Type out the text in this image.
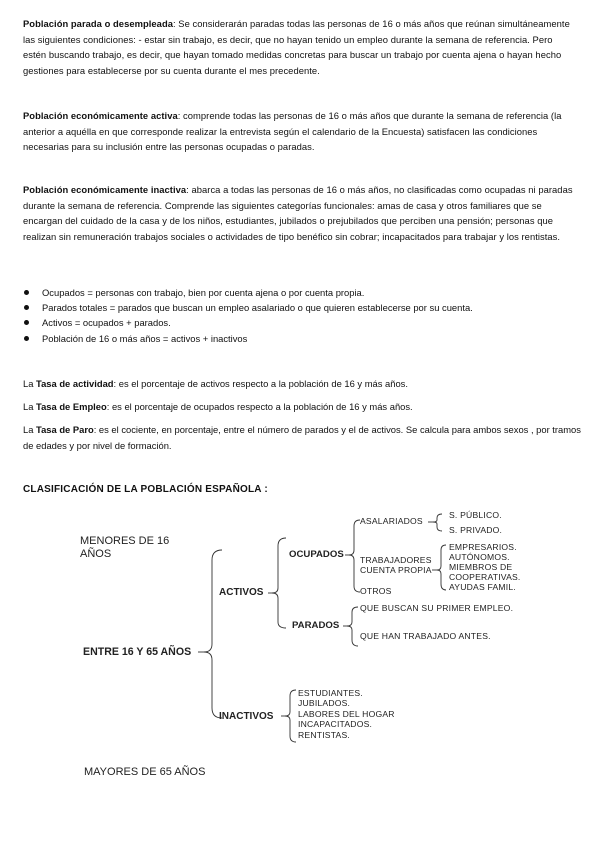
Población parada o desempleada: Se considerarán paradas todas las personas de 16 o más años que reúnan simultáneamente las siguientes condiciones: - estar sin trabajo, es decir, que no hayan tenido un empleo durante la semana de referencia. Pero estén buscando trabajo, es decir, que hayan tomado medidas concretas para buscar un trabajo por cuenta ajena o hayan hecho gestiones para establecerse por su cuenta durante el mes precedente.
Población económicamente activa: comprende todas las personas de 16 o más años que durante la semana de referencia (la anterior a aquélla en que corresponde realizar la entrevista según el calendario de la Encuesta) satisfacen las condiciones necesarias para su inclusión entre las personas ocupadas o paradas.
Población económicamente inactiva: abarca a todas las personas de 16 o más años, no clasificadas como ocupadas ni paradas durante la semana de referencia. Comprende las siguientes categorías funcionales: amas de casa y otros familiares que se encargan del cuidado de la casa y de los niños, estudiantes, jubilados o prejubilados que perciben una pensión; personas que realizan sin remuneración trabajos sociales o actividades de tipo benéfico sin cobrar; incapacitados para trabajar y los rentistas.
Ocupados = personas con trabajo, bien por cuenta ajena o por cuenta propia.
Parados totales = parados que buscan un empleo asalariado o que quieren establecerse por su cuenta.
Activos = ocupados + parados.
Población de 16 o más años = activos + inactivos
La Tasa de actividad: es el porcentaje de activos respecto a la población de 16 y más años.
La Tasa de Empleo: es el porcentaje de ocupados respecto a la población de 16 y más años.
La Tasa de Paro: es el cociente, en porcentaje, entre el número de parados y el de activos. Se calcula para ambos sexos , por tramos de edades y por nivel de formación.
CLASIFICACIÓN DE LA POBLACIÓN ESPAÑOLA :
MENORES DE 16
AÑOS
ENTRE 16 Y 65 AÑOS
MAYORES DE 65 AÑOS
ACTIVOS
INACTIVOS
OCUPADOS
PARADOS
ASALARIADOS
S. PÚBLICO.
S. PRIVADO.
TRABAJADORES
CUENTA PROPIA
OTROS
EMPRESARIOS.
AUTÓNOMOS.
MIEMBROS DE
COOPERATIVAS.
AYUDAS FAMIL.
QUE BUSCAN SU PRIMER EMPLEO.
QUE HAN TRABAJADO ANTES.
ESTUDIANTES.
JUBILADOS.
LABORES DEL HOGAR
INCAPACITADOS.
RENTISTAS.
